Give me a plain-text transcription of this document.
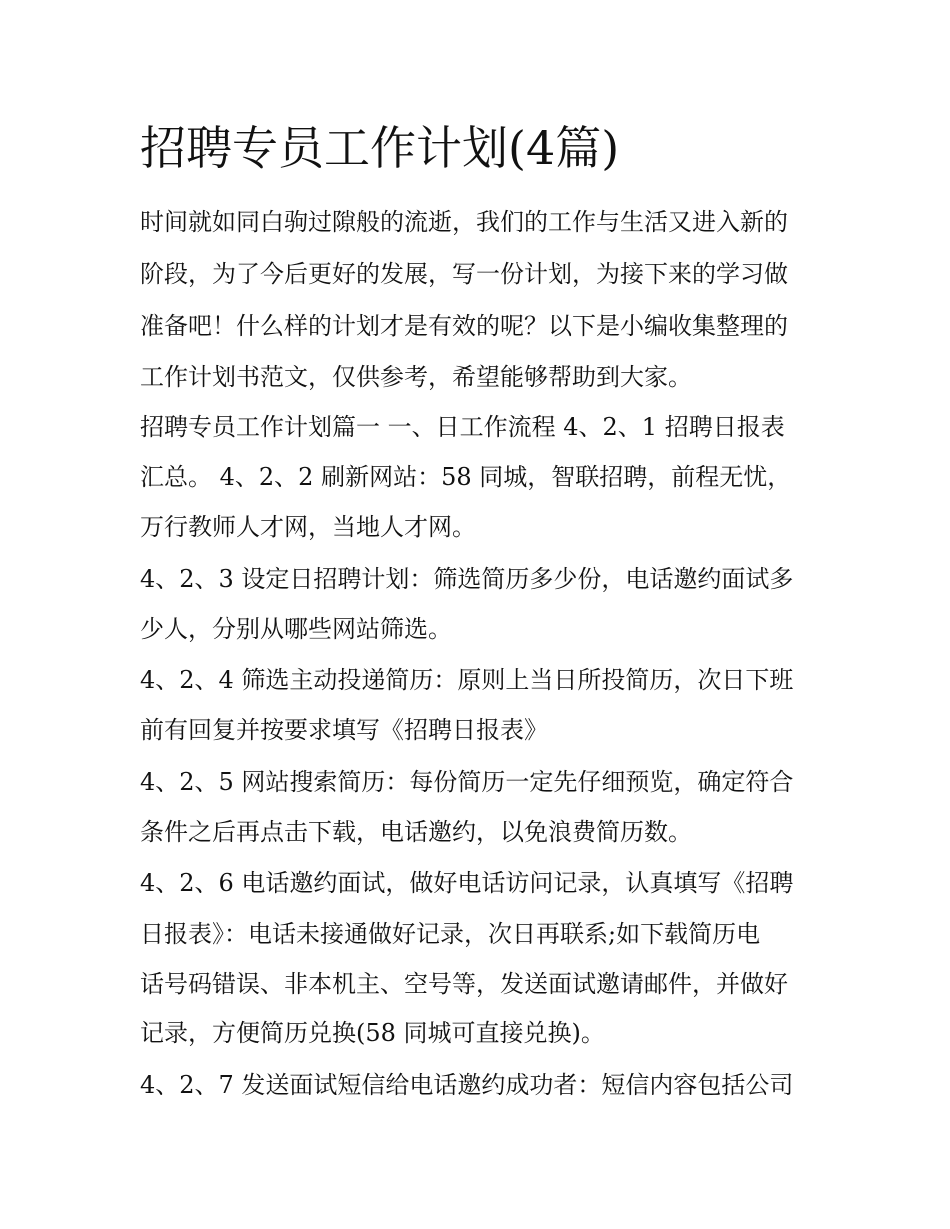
招聘专员工作计划(4篇)

时间就如同白驹过隙般的流逝，我们的工作与生活又进入新的

阶段，为了今后更好的发展，写一份计划，为接下来的学习做

准备吧！什么样的计划才是有效的呢？以下是小编收集整理的

工作计划书范文，仅供参考，希望能够帮助到大家。

招聘专员工作计划篇一 一、日工作流程 4、2、1 招聘日报表

汇总。 4、2、2 刷新网站：58 同城，智联招聘，前程无忧，

万行教师人才网，当地人才网。

4、2、3 设定日招聘计划：筛选简历多少份，电话邀约面试多

少人，分别从哪些网站筛选。

4、2、4 筛选主动投递简历：原则上当日所投简历，次日下班

前有回复并按要求填写《招聘日报表》

4、2、5 网站搜索简历：每份简历一定先仔细预览，确定符合

条件之后再点击下载，电话邀约，以免浪费简历数。

4、2、6 电话邀约面试，做好电话访问记录，认真填写《招聘

日报表》：电话未接通做好记录，次日再联系;如下载简历电

话号码错误、非本机主、空号等，发送面试邀请邮件，并做好

记录，方便简历兑换(58 同城可直接兑换)。

4、2、7 发送面试短信给电话邀约成功者：短信内容包括公司
